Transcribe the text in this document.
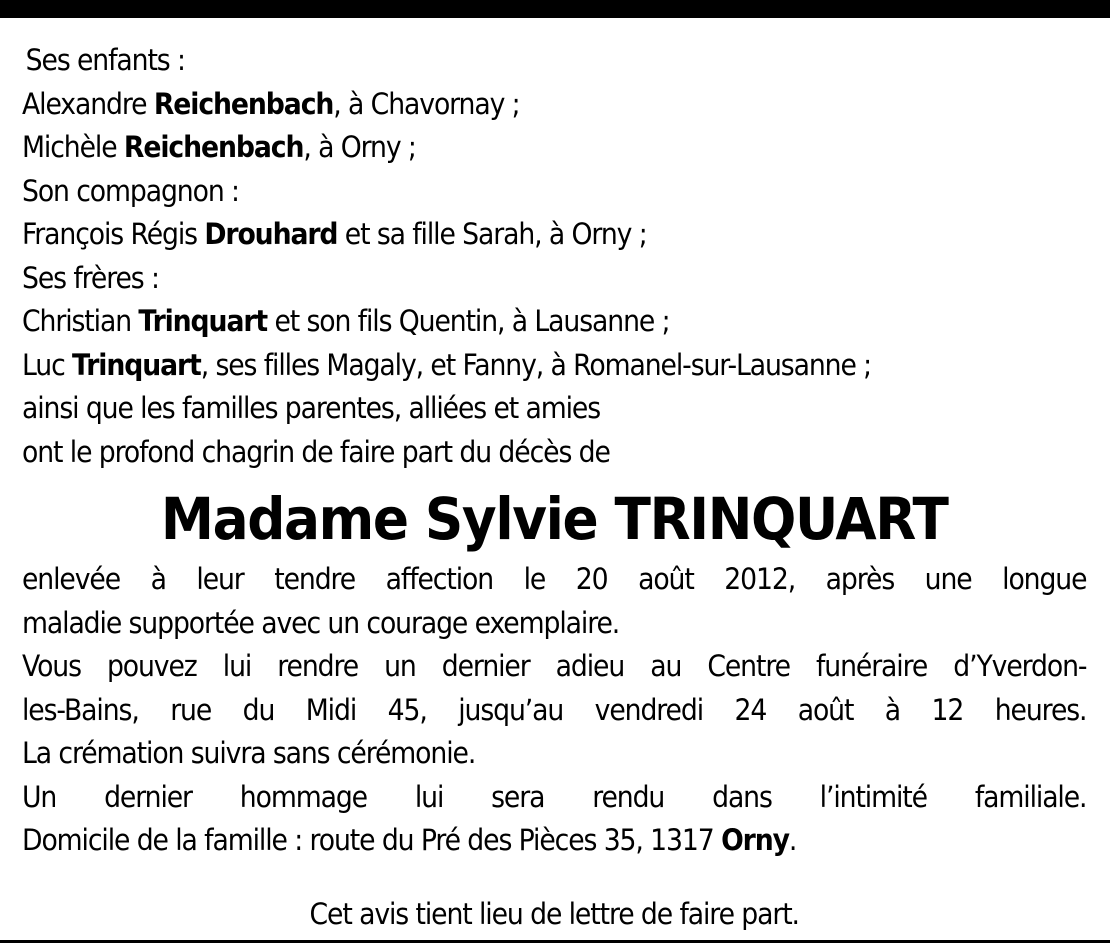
Ses enfants :
Alexandre Reichenbach, à Chavornay ;
Michèle Reichenbach, à Orny ;
Son compagnon :
François Régis Drouhard et sa fille Sarah, à Orny ;
Ses frères :
Christian Trinquart et son fils Quentin, à Lausanne ;
Luc Trinquart, ses filles Magaly, et Fanny, à Romanel-sur-Lausanne ;
ainsi que les familles parentes, alliées et amies
ont le profond chagrin de faire part du décès de
Madame Sylvie TRINQUART
enlevée à leur tendre affection le 20 août 2012, après une longue
maladie supportée avec un courage exemplaire.
Vous pouvez lui rendre un dernier adieu au Centre funéraire d’Yverdon-
les-Bains, rue du Midi 45, jusqu’au vendredi 24 août à 12 heures.
La crémation suivra sans cérémonie.
Un dernier hommage lui sera rendu dans l’intimité familiale.
Domicile de la famille : route du Pré des Pièces 35, 1317 Orny.
Cet avis tient lieu de lettre de faire part.
